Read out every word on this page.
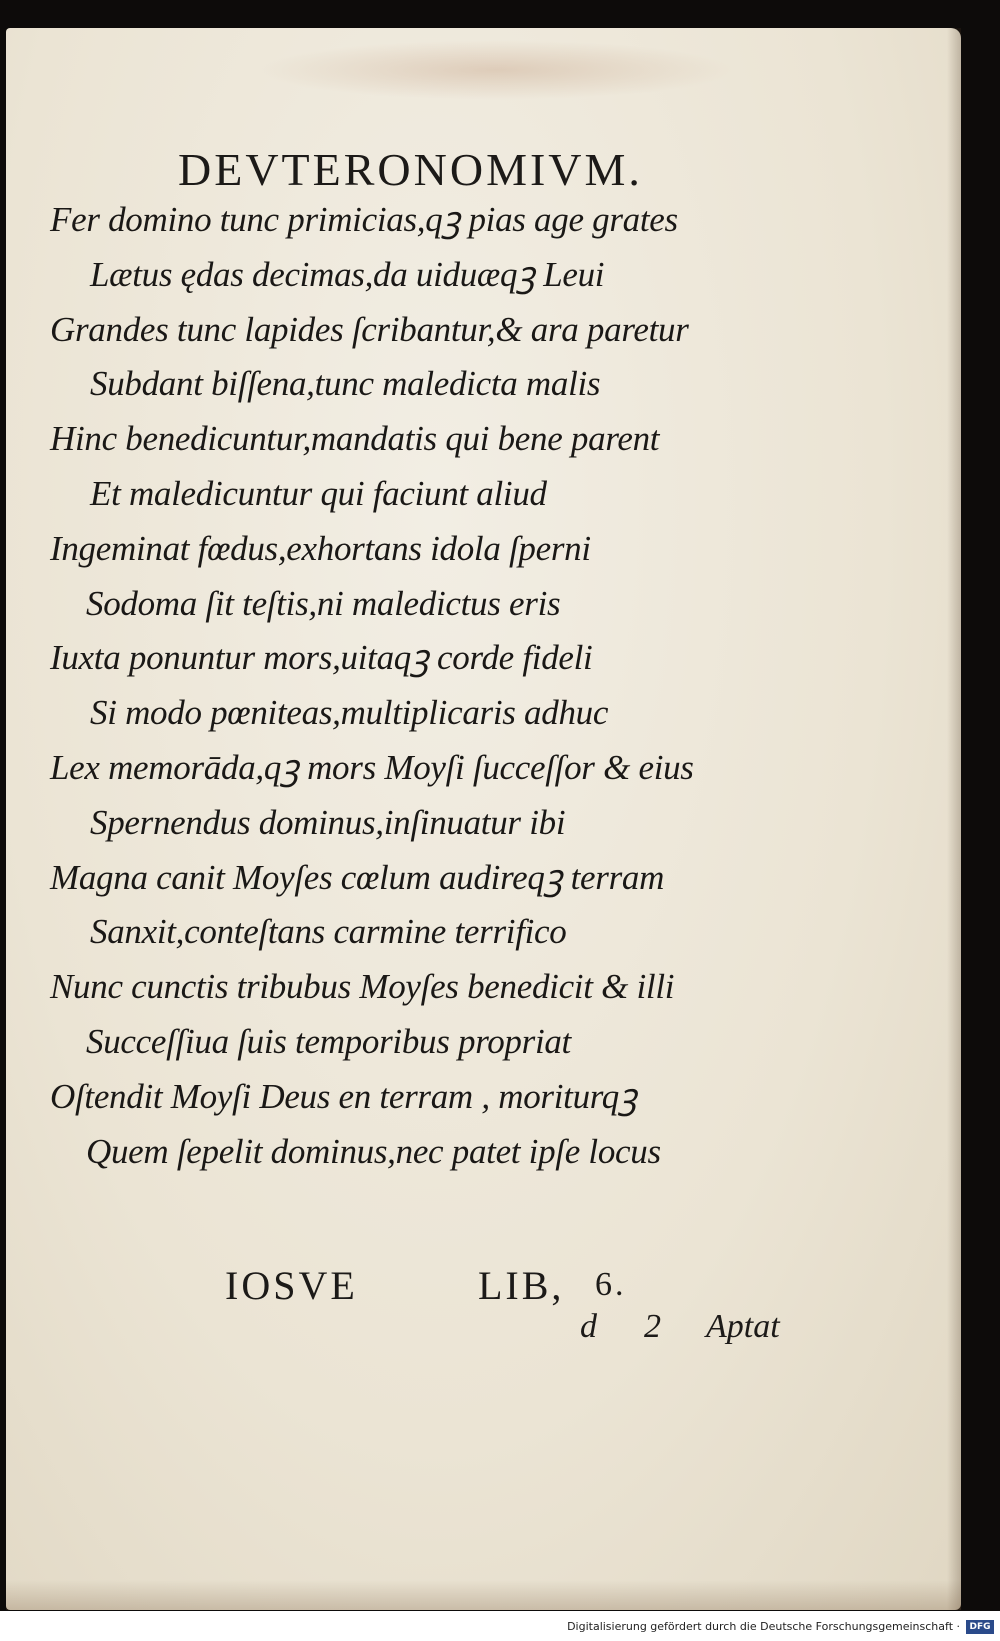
DEVTERONOMIVM.
Fer domino tunc primicias,qꝫ pias age grates
Lætus ędas decimas,da uiduæqꝫ Leui
Grandes tunc lapides ſcribantur,& ara paretur
Subdant biſſena,tunc maledicta malis
Hinc benedicuntur,mandatis qui bene parent
Et maledicuntur qui faciunt aliud
Ingeminat fœdus,exhortans idola ſperni
Sodoma ſit teſtis,ni maledictus eris
Iuxta ponuntur mors,uitaqꝫ corde fideli
Si modo pœniteas,multiplicaris adhuc
Lex memorāda,qꝫ mors Moyſi ſucceſſor & eius
Spernendus dominus,inſinuatur ibi
Magna canit Moyſes cœlum audireqꝫ terram
Sanxit,conteſtans carmine terrifico
Nunc cunctis tribubus Moyſes benedicit & illi
Succeſſiua ſuis temporibus propriat
Oſtendit Moyſi Deus en terram , moriturqꝫ
Quem ſepelit dominus,nec patet ipſe locus
IOSVE	LIB, 6.
d 2 Aptat
Digitalisierung gefördert durch die Deutsche Forschungsgemeinschaft ·	DFG
